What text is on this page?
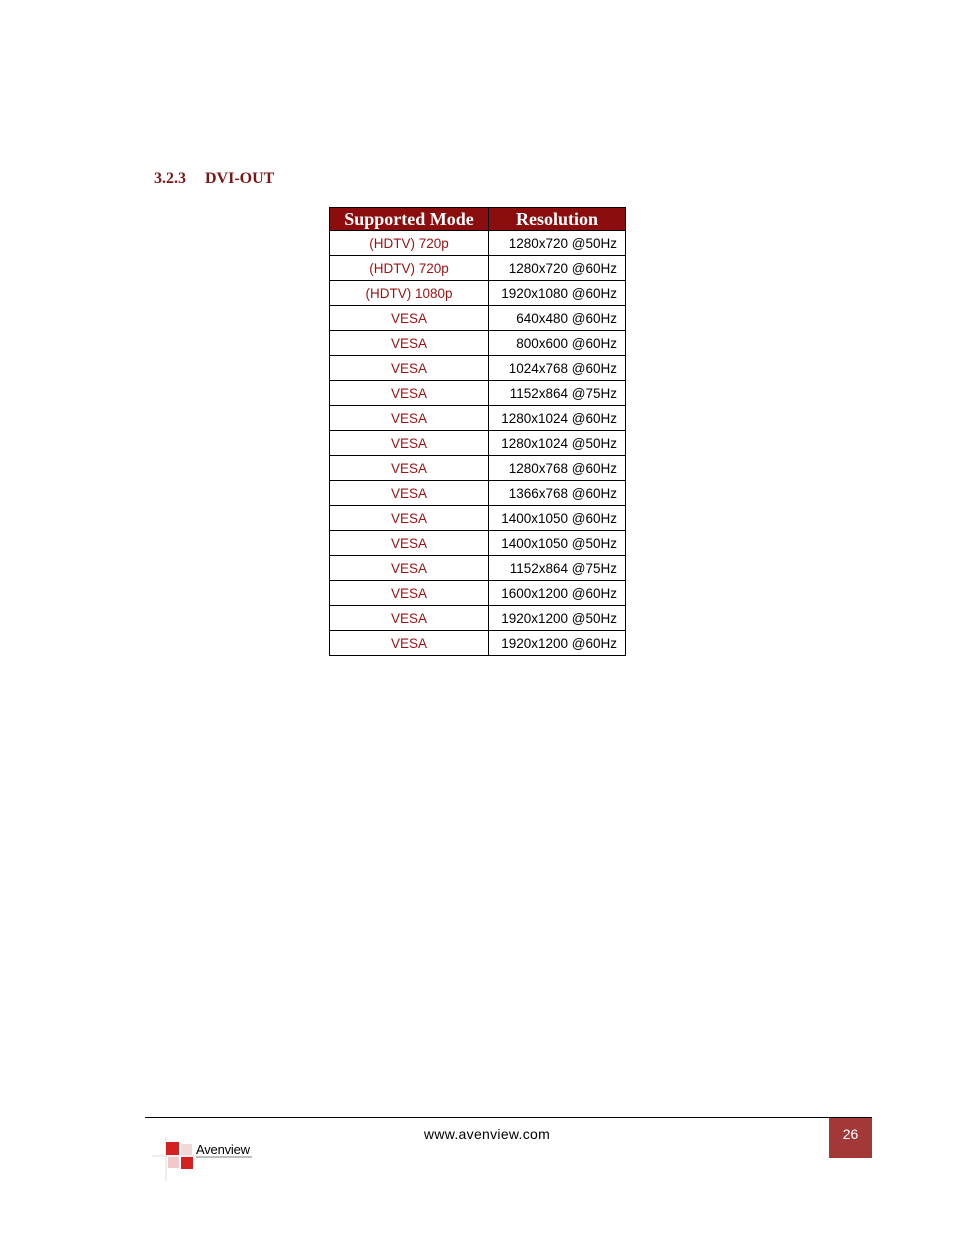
3.2.3 DVI-OUT
Supported Mode	Resolution
(HDTV) 720p	1280x720 @50Hz
(HDTV) 720p	1280x720 @60Hz
(HDTV) 1080p	1920x1080 @60Hz
VESA	640x480 @60Hz
VESA	800x600 @60Hz
VESA	1024x768 @60Hz
VESA	1152x864 @75Hz
VESA	1280x1024 @60Hz
VESA	1280x1024 @50Hz
VESA	1280x768 @60Hz
VESA	1366x768 @60Hz
VESA	1400x1050 @60Hz
VESA	1400x1050 @50Hz
VESA	1152x864 @75Hz
VESA	1600x1200 @60Hz
VESA	1920x1200 @50Hz
VESA	1920x1200 @60Hz
www.avenview.com	26
Avenview
